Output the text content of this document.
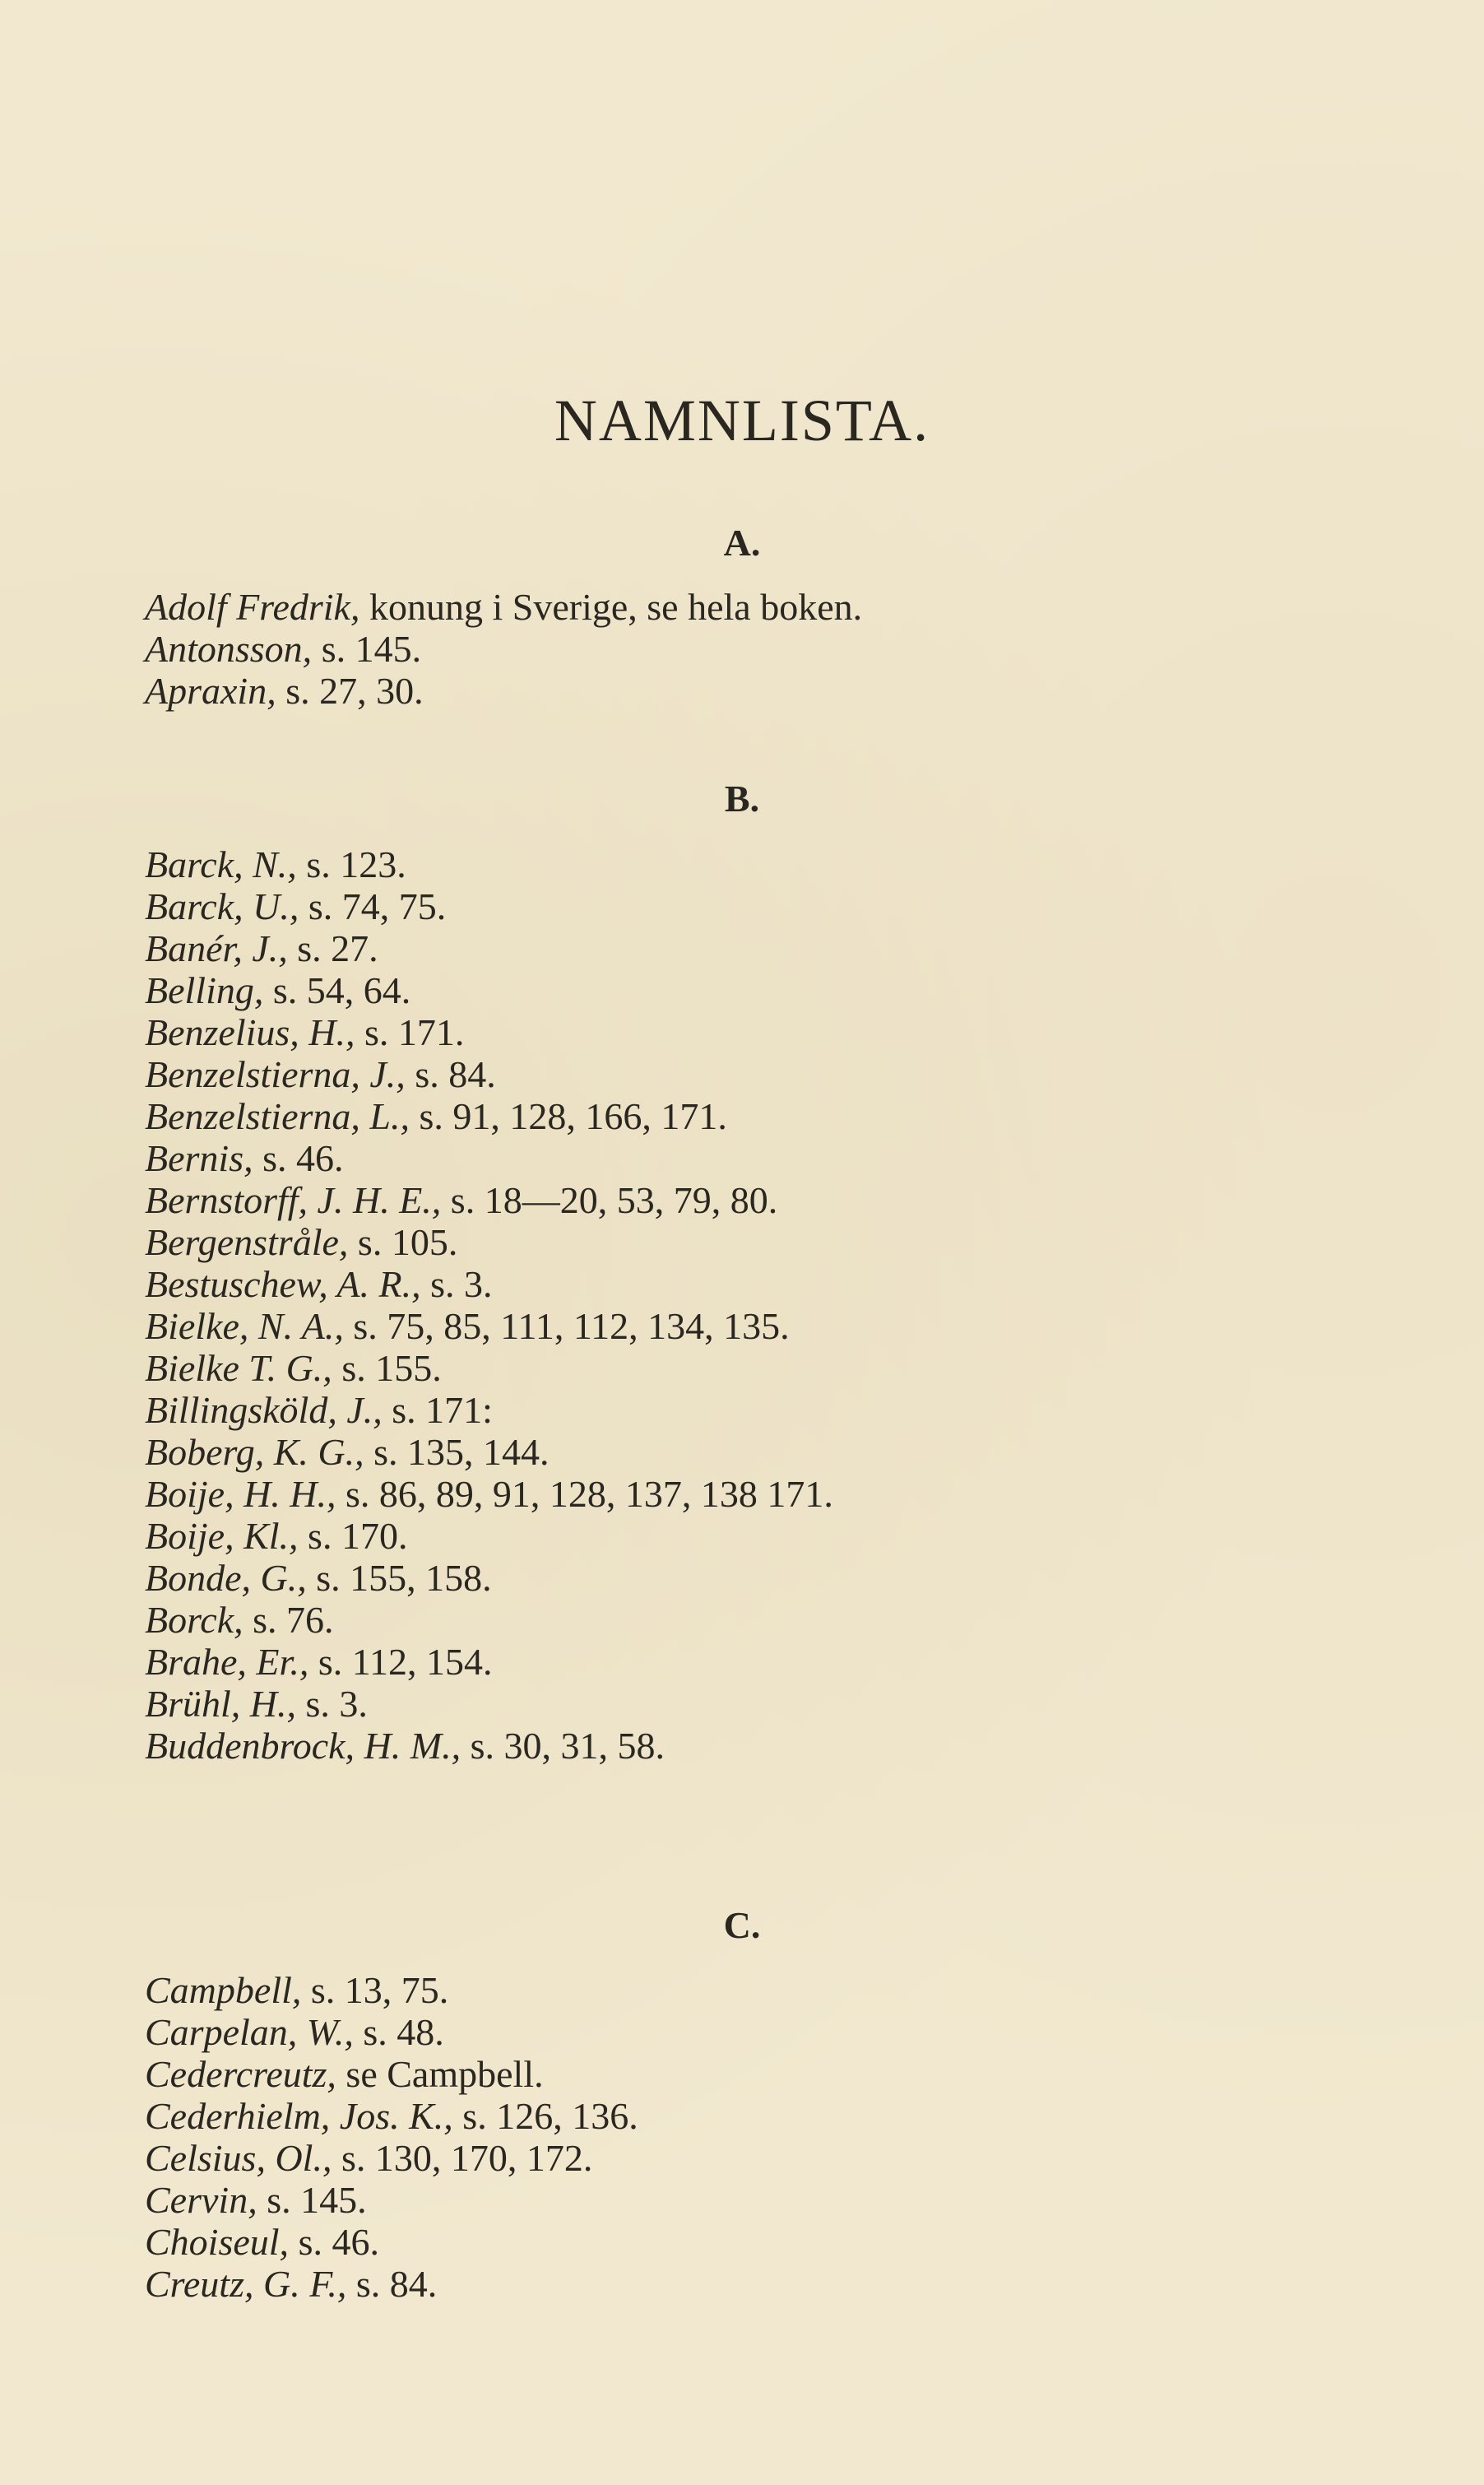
NAMNLISTA.
A.
Adolf Fredrik, konung i Sverige, se hela boken.
Antonsson, s. 145.
Apraxin, s. 27, 30.
B.
Barck, N., s. 123.
Barck, U., s. 74, 75.
Banér, J., s. 27.
Belling, s. 54, 64.
Benzelius, H., s. 171.
Benzelstierna, J., s. 84.
Benzelstierna, L., s. 91, 128, 166, 171.
Bernis, s. 46.
Bernstorff, J. H. E., s. 18—20, 53, 79, 80.
Bergenstråle, s. 105.
Bestuschew, A. R., s. 3.
Bielke, N. A., s. 75, 85, 111, 112, 134, 135.
Bielke T. G., s. 155.
Billingsköld, J., s. 171:
Boberg, K. G., s. 135, 144.
Boije, H. H., s. 86, 89, 91, 128, 137, 138 171.
Boije, Kl., s. 170.
Bonde, G., s. 155, 158.
Borck, s. 76.
Brahe, Er., s. 112, 154.
Brühl, H., s. 3.
Buddenbrock, H. M., s. 30, 31, 58.
C.
Campbell, s. 13, 75.
Carpelan, W., s. 48.
Cedercreutz, se Campbell.
Cederhielm, Jos. K., s. 126, 136.
Celsius, Ol., s. 130, 170, 172.
Cervin, s. 145.
Choiseul, s. 46.
Creutz, G. F., s. 84.
